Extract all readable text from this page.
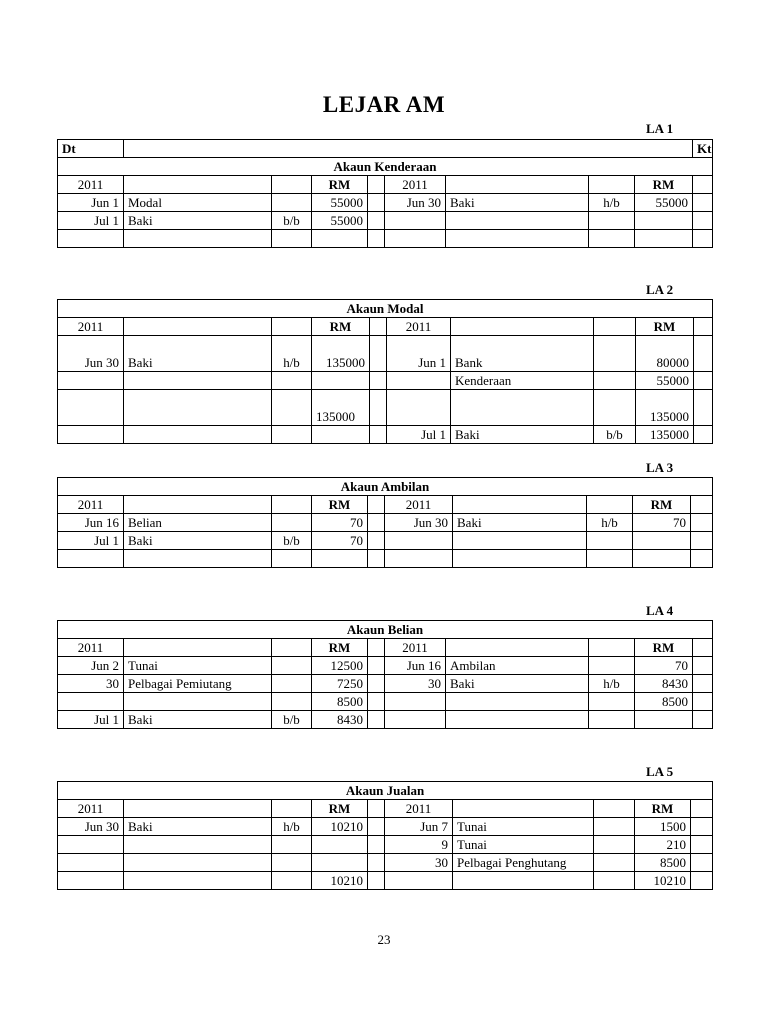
LEJAR AM
LA 1
Dt									Kt
Akaun Kenderaan									
2011			RM		2011			RM	
Jun 1	Modal		55000		Jun 30	Baki	h/b	55000	
Jul 1	Baki	b/b	55000						

LA 2
Akaun Modal									
2011			RM		2011			RM	
Jun 30	Baki	h/b	135000		Jun 1	Bank		80000	
						Kenderaan		55000	
			135000					135000	
					Jul 1	Baki	b/b	135000	
LA 3
Akaun Ambilan									
2011			RM		2011			RM	
Jun 16	Belian		70		Jun 30	Baki	h/b	70	
Jul 1	Baki	b/b	70						

LA 4
Akaun Belian									
2011			RM		2011			RM	
Jun 2	Tunai		12500		Jun 16	Ambilan		70	
30	Pelbagai Pemiutang		7250		30	Baki	h/b	8430	
			8500					8500	
Jul 1	Baki	b/b	8430						
LA 5
Akaun Jualan									
2011			RM		2011			RM	
Jun 30	Baki	h/b	10210		Jun 7	Tunai		1500	
					9	Tunai		210	
					30	Pelbagai Penghutang		8500	
			10210					10210	
23
